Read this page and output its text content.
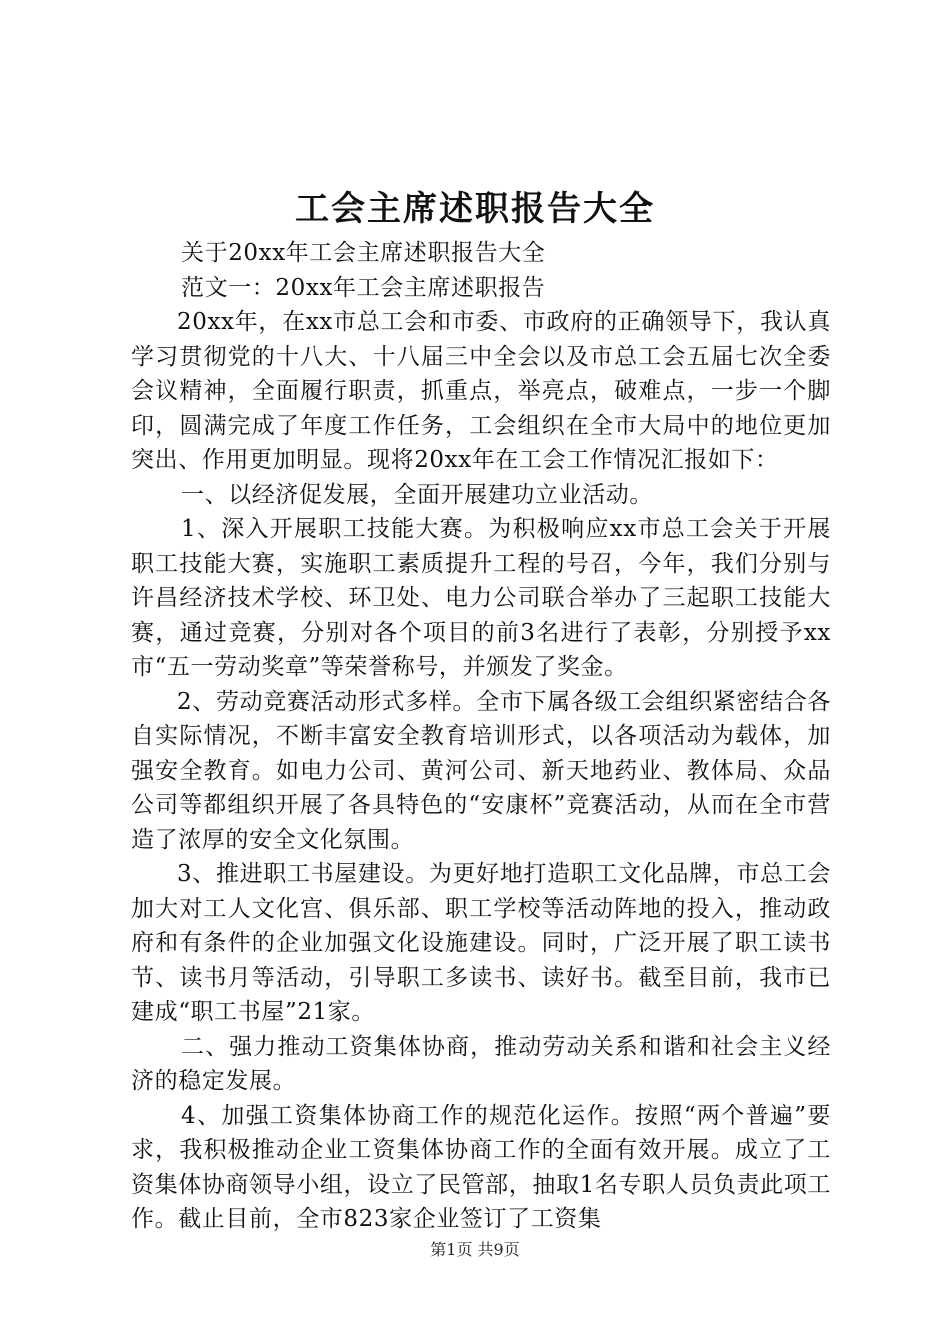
工会主席述职报告大全

关于20xx年工会主席述职报告大全

范文一：20xx年工会主席述职报告

20xx年，在xx市总工会和市委、市政府的正确领导下，我认真学习贯彻党的十八大、十八届三中全会以及市总工会五届七次全委会议精神，全面履行职责，抓重点，举亮点，破难点，一步一个脚印，圆满完成了年度工作任务，工会组织在全市大局中的地位更加突出、作用更加明显。现将20xx年在工会工作情况汇报如下：

一、以经济促发展，全面开展建功立业活动。

1、深入开展职工技能大赛。为积极响应xx市总工会关于开展职工技能大赛，实施职工素质提升工程的号召，今年，我们分别与许昌经济技术学校、环卫处、电力公司联合举办了三起职工技能大赛，通过竞赛，分别对各个项目的前3名进行了表彰，分别授予xx市“五一劳动奖章”等荣誉称号，并颁发了奖金。

2、劳动竞赛活动形式多样。全市下属各级工会组织紧密结合各自实际情况，不断丰富安全教育培训形式，以各项活动为载体，加强安全教育。如电力公司、黄河公司、新天地药业、教体局、众品公司等都组织开展了各具特色的“安康杯”竞赛活动，从而在全市营造了浓厚的安全文化氛围。

3、推进职工书屋建设。为更好地打造职工文化品牌，市总工会加大对工人文化宫、俱乐部、职工学校等活动阵地的投入，推动政府和有条件的企业加强文化设施建设。同时，广泛开展了职工读书节、读书月等活动，引导职工多读书、读好书。截至目前，我市已建成“职工书屋”21家。

二、强力推动工资集体协商，推动劳动关系和谐和社会主义经济的稳定发展。

4、加强工资集体协商工作的规范化运作。按照“两个普遍”要求，我积极推动企业工资集体协商工作的全面有效开展。成立了工资集体协商领导小组，设立了民管部，抽取1名专职人员负责此项工作。截止目前，全市823家企业签订了工资集

第1页 共9页
